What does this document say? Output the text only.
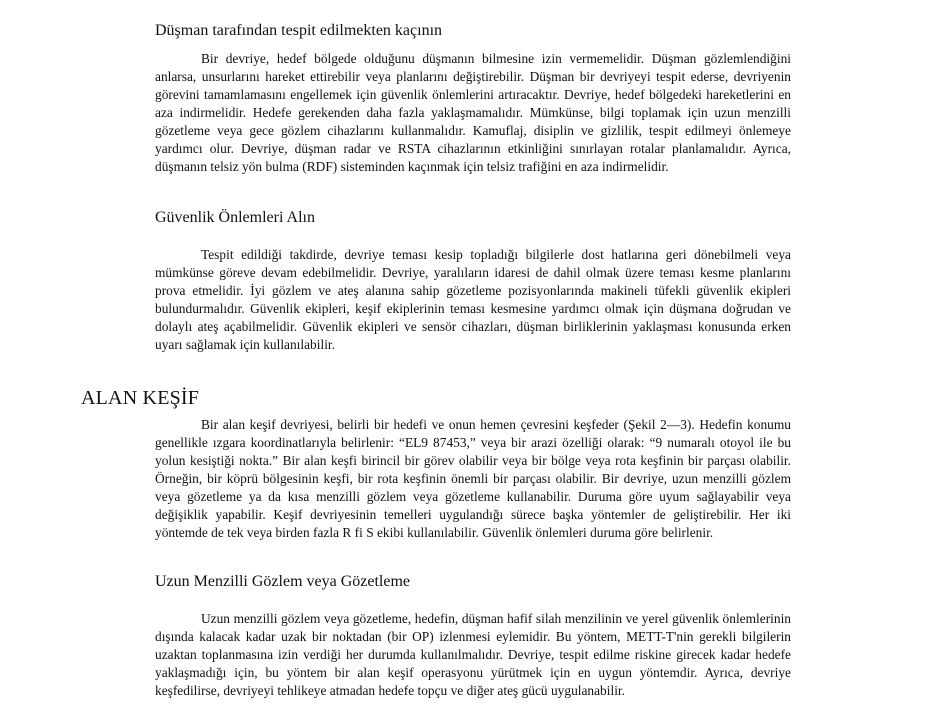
Düşman tarafından tespit edilmekten kaçının

Bir devriye, hedef bölgede olduğunu düşmanın bilmesine izin vermemelidir. Düşman gözlemlendiğini anlarsa, unsurlarını hareket ettirebilir veya planlarını değiştirebilir. Düşman bir devriyeyi tespit ederse, devriyenin görevini tamamlamasını engellemek için güvenlik önlemlerini artıracaktır. Devriye, hedef bölgedeki hareketlerini en aza indirmelidir. Hedefe gerekenden daha fazla yaklaşmamalıdır. Mümkünse, bilgi toplamak için uzun menzilli gözetleme veya gece gözlem cihazlarını kullanmalıdır. Kamuflaj, disiplin ve gizlilik, tespit edilmeyi önlemeye yardımcı olur. Devriye, düşman radar ve RSTA cihazlarının etkinliğini sınırlayan rotalar planlamalıdır. Ayrıca, düşmanın telsiz yön bulma (RDF) sisteminden kaçınmak için telsiz trafiğini en aza indirmelidir.

Güvenlik Önlemleri Alın

Tespit edildiği takdirde, devriye teması kesip topladığı bilgilerle dost hatlarına geri dönebilmeli veya mümkünse göreve devam edebilmelidir. Devriye, yaralıların idaresi de dahil olmak üzere teması kesme planlarını prova etmelidir. İyi gözlem ve ateş alanına sahip gözetleme pozisyonlarında makineli tüfekli güvenlik ekipleri bulundurmalıdır. Güvenlik ekipleri, keşif ekiplerinin teması kesmesine yardımcı olmak için düşmana doğrudan ve dolaylı ateş açabilmelidir. Güvenlik ekipleri ve sensör cihazları, düşman birliklerinin yaklaşması konusunda erken uyarı sağlamak için kullanılabilir.

ALAN KEŞİF

Bir alan keşif devriyesi, belirli bir hedefi ve onun hemen çevresini keşfeder (Şekil 2—3). Hedefin konumu genellikle ızgara koordinatlarıyla belirlenir: “EL9 87453,” veya bir arazi özelliği olarak: “9 numaralı otoyol ile bu yolun kesiştiği nokta.” Bir alan keşfi birincil bir görev olabilir veya bir bölge veya rota keşfinin bir parçası olabilir. Örneğin, bir köprü bölgesinin keşfi, bir rota keşfinin önemli bir parçası olabilir. Bir devriye, uzun menzilli gözlem veya gözetleme ya da kısa menzilli gözlem veya gözetleme kullanabilir. Duruma göre uyum sağlayabilir veya değişiklik yapabilir. Keşif devriyesinin temelleri uygulandığı sürece başka yöntemler de geliştirebilir. Her iki yöntemde de tek veya birden fazla R fi S ekibi kullanılabilir. Güvenlik önlemleri duruma göre belirlenir.

Uzun Menzilli Gözlem veya Gözetleme

Uzun menzilli gözlem veya gözetleme, hedefin, düşman hafif silah menzilinin ve yerel güvenlik önlemlerinin dışında kalacak kadar uzak bir noktadan (bir OP) izlenmesi eylemidir. Bu yöntem, METT-T'nin gerekli bilgilerin uzaktan toplanmasına izin verdiği her durumda kullanılmalıdır. Devriye, tespit edilme riskine girecek kadar hedefe yaklaşmadığı için, bu yöntem bir alan keşif operasyonu yürütmek için en uygun yöntemdir. Ayrıca, devriye keşfedilirse, devriyeyi tehlikeye atmadan hedefe topçu ve diğer ateş gücü uygulanabilir.
